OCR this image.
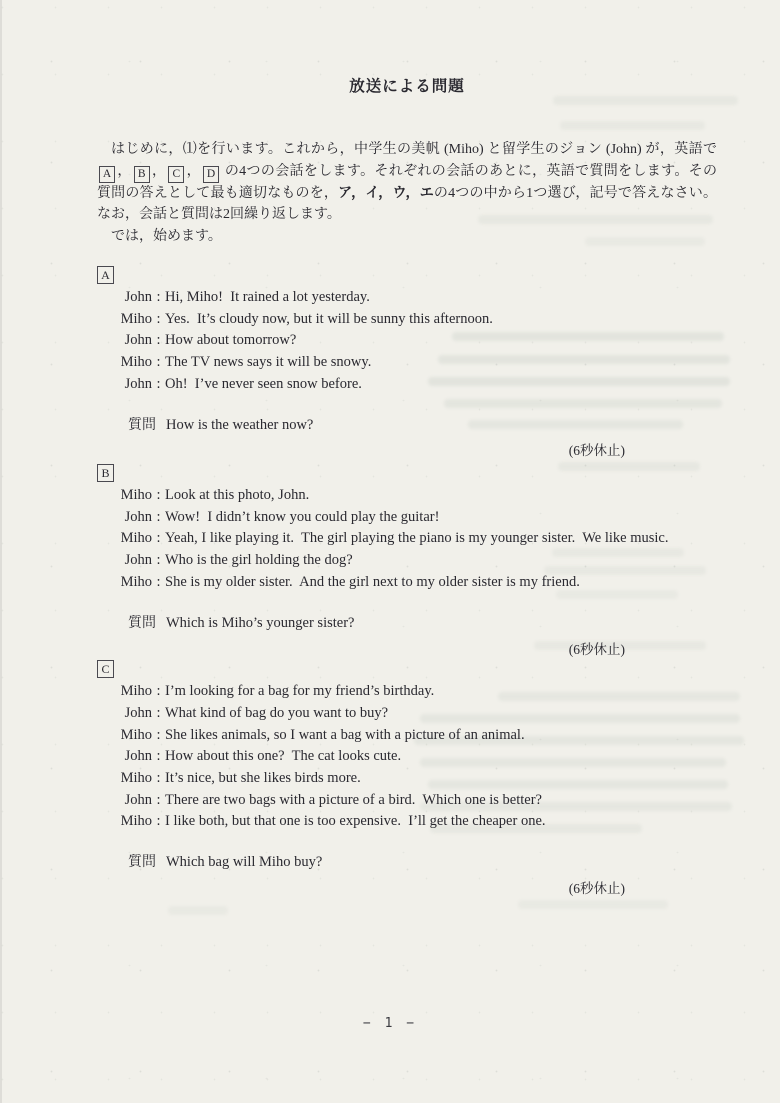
放送による問題

はじめに，⑴を行います。これから，中学生の美帆 (Miho) と留学生のジョン (John) が，英語で A ， B ， C ， D の4つの会話をします。それぞれの会話のあとに，英語で質問をします。その質問の答えとして最も適切なものを，ア，イ，ウ，エの4つの中から1つ選び，記号で答えなさい。なお，会話と質問は2回繰り返します。

では，始めます。

A
John : Hi, Miho!  It rained a lot yesterday.
Miho : Yes.  It’s cloudy now, but it will be sunny this afternoon.
John : How about tomorrow?
Miho : The TV news says it will be snowy.
John : Oh!  I’ve never seen snow before.
質問 How is the weather now?
(6秒休止)
B
Miho : Look at this photo, John.
John : Wow!  I didn’t know you could play the guitar!
Miho : Yeah, I like playing it.  The girl playing the piano is my younger sister.  We like music.
John : Who is the girl holding the dog?
Miho : She is my older sister.  And the girl next to my older sister is my friend.
質問 Which is Miho’s younger sister?
(6秒休止)
C
Miho : I’m looking for a bag for my friend’s birthday.
John : What kind of bag do you want to buy?
Miho : She likes animals, so I want a bag with a picture of an animal.
John : How about this one?  The cat looks cute.
Miho : It’s nice, but she likes birds more.
John : There are two bags with a picture of a bird.  Which one is better?
Miho : I like both, but that one is too expensive.  I’ll get the cheaper one.
質問 Which bag will Miho buy?
(6秒休止)
− 1 −
